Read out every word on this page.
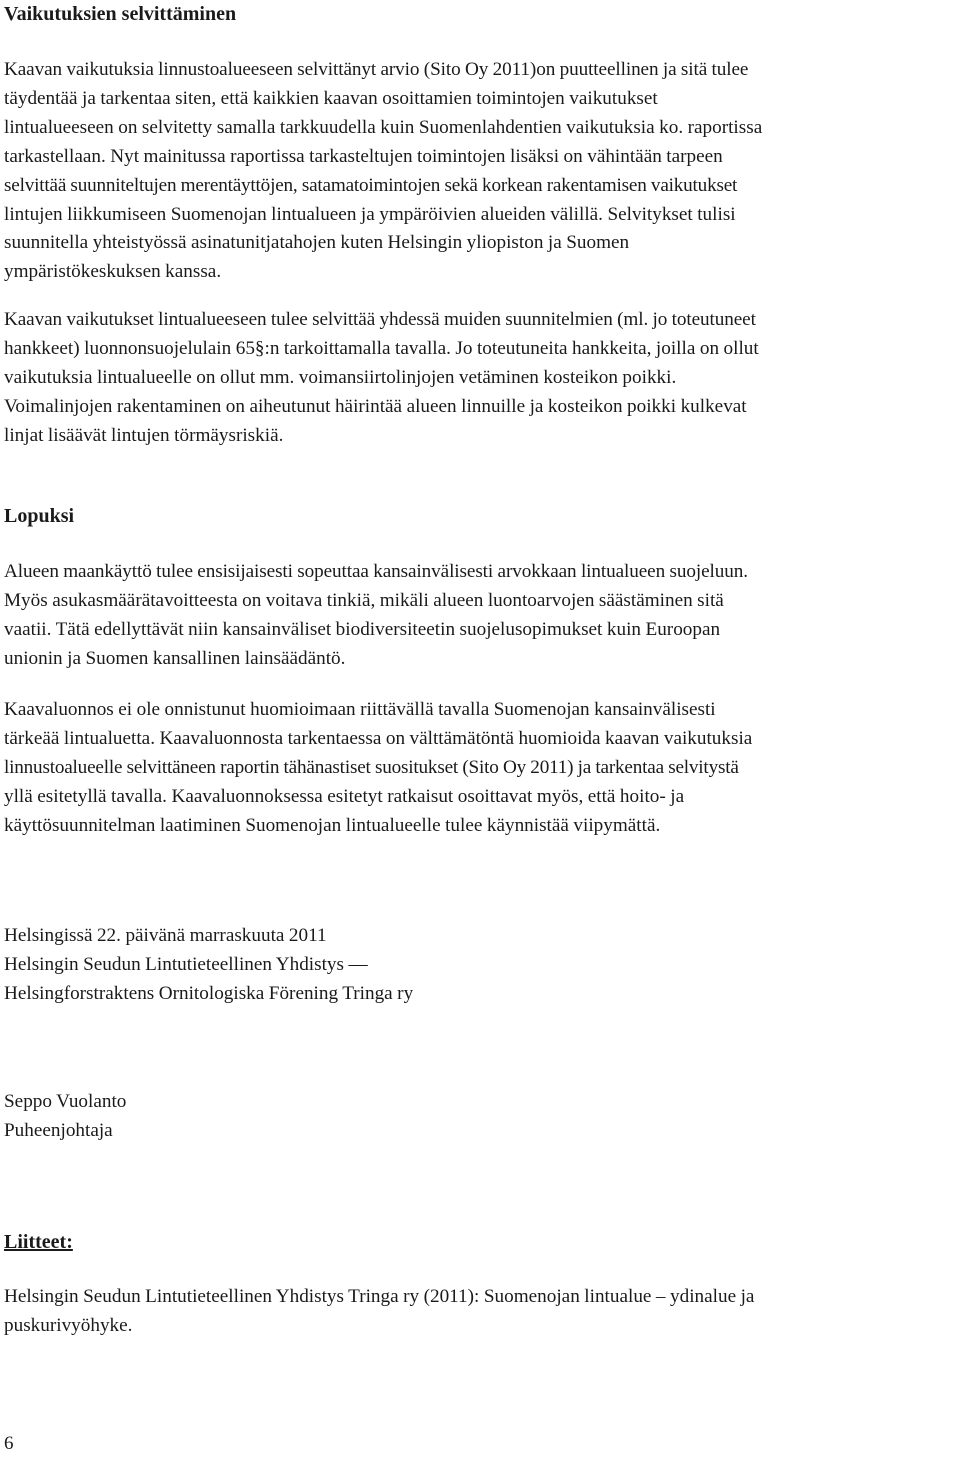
Vaikutuksien selvittäminen
Kaavan vaikutuksia linnustoalueeseen selvittänyt arvio (Sito Oy 2011)on puutteellinen ja sitä tulee
täydentää ja tarkentaa siten, että kaikkien kaavan osoittamien toimintojen vaikutukset
lintualueeseen on selvitetty samalla tarkkuudella kuin Suomenlahdentien vaikutuksia ko. raportissa
tarkastellaan. Nyt mainitussa raportissa tarkasteltujen toimintojen lisäksi on vähintään tarpeen
selvittää suunniteltujen merentäyttöjen, satamatoimintojen sekä korkean rakentamisen vaikutukset
lintujen liikkumiseen Suomenojan lintualueen ja ympäröivien alueiden välillä. Selvitykset tulisi
suunnitella yhteistyössä asinatunitjatahojen kuten Helsingin yliopiston ja Suomen
ympäristökeskuksen kanssa.
Kaavan vaikutukset lintualueeseen tulee selvittää yhdessä muiden suunnitelmien (ml. jo toteutuneet
hankkeet) luonnonsuojelulain 65§:n tarkoittamalla tavalla. Jo toteutuneita hankkeita, joilla on ollut
vaikutuksia lintualueelle on ollut mm. voimansiirtolinjojen vetäminen kosteikon poikki.
Voimalinjojen rakentaminen on aiheutunut häirintää alueen linnuille ja kosteikon poikki kulkevat
linjat lisäävät lintujen törmäysriskiä.
Lopuksi
Alueen maankäyttö tulee ensisijaisesti sopeuttaa kansainvälisesti arvokkaan lintualueen suojeluun.
Myös asukasmäärätavoitteesta on voitava tinkiä, mikäli alueen luontoarvojen säästäminen sitä
vaatii. Tätä edellyttävät niin kansainväliset biodiversiteetin suojelusopimukset kuin Euroopan
unionin ja Suomen kansallinen lainsäädäntö.
Kaavaluonnos ei ole onnistunut huomioimaan riittävällä tavalla Suomenojan kansainvälisesti
tärkeää lintualuetta. Kaavaluonnosta tarkentaessa on välttämätöntä huomioida kaavan vaikutuksia
linnustoalueelle selvittäneen raportin tähänastiset suositukset (Sito Oy 2011) ja tarkentaa selvitystä
yllä esitetyllä tavalla. Kaavaluonnoksessa esitetyt ratkaisut osoittavat myös, että hoito- ja
käyttösuunnitelman laatiminen Suomenojan lintualueelle tulee käynnistää viipymättä.
Helsingissä 22. päivänä marraskuuta 2011
Helsingin Seudun Lintutieteellinen Yhdistys —
Helsingforstraktens Ornitologiska Förening Tringa ry
Seppo Vuolanto
Puheenjohtaja
Liitteet:
Helsingin Seudun Lintutieteellinen Yhdistys Tringa ry (2011): Suomenojan lintualue – ydinalue ja
puskurivyöhyke.
6
